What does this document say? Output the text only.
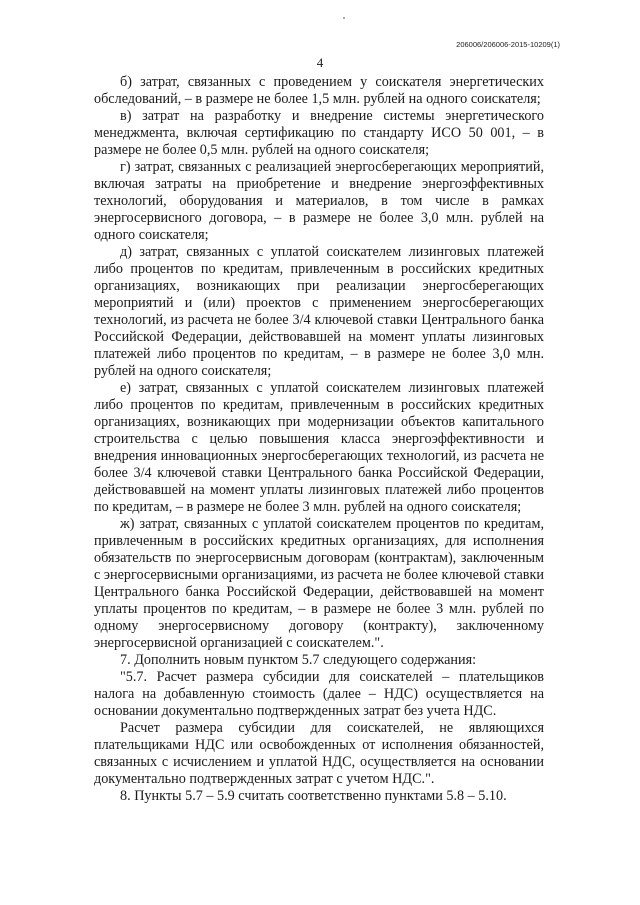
206006/206006-2015-10209(1)
4

б) затрат, связанных с проведением у соискателя энергетических обследований, – в размере не более 1,5 млн. рублей на одного соискателя;

в) затрат на разработку и внедрение системы энергетического менеджмента, включая сертификацию по стандарту ИСО 50 001, – в размере не более 0,5 млн. рублей на одного соискателя;

г) затрат, связанных с реализацией энергосберегающих мероприятий, включая затраты на приобретение и внедрение энергоэффективных технологий, оборудования и материалов, в том числе в рамках энергосервисного договора, – в размере не более 3,0 млн. рублей на одного соискателя;

д) затрат, связанных с уплатой соискателем лизинговых платежей либо процентов по кредитам, привлеченным в российских кредитных организациях, возникающих при реализации энергосберегающих мероприятий и (или) проектов с применением энергосберегающих технологий, из расчета не более 3/4 ключевой ставки Центрального банка Российской Федерации, действовавшей на момент уплаты лизинговых платежей либо процентов по кредитам, – в размере не более 3,0 млн. рублей на одного соискателя;

е) затрат, связанных с уплатой соискателем лизинговых платежей либо процентов по кредитам, привлеченным в российских кредитных организациях, возникающих при модернизации объектов капитального строительства с целью повышения класса энергоэффективности и внедрения инновационных энергосберегающих технологий, из расчета не более 3/4 ключевой ставки Центрального банка Российской Федерации, действовавшей на момент уплаты лизинговых платежей либо процентов по кредитам, – в размере не более 3 млн. рублей на одного соискателя;

ж) затрат, связанных с уплатой соискателем процентов по кредитам, привлеченным в российских кредитных организациях, для исполнения обязательств по энергосервисным договорам (контрактам), заключенным с энергосервисными организациями, из расчета не более ключевой ставки Центрального банка Российской Федерации, действовавшей на момент уплаты процентов по кредитам, – в размере не более 3 млн. рублей по одному энергосервисному договору (контракту), заключенному энергосервисной организацией с соискателем.".

7. Дополнить новым пунктом 5.7 следующего содержания:

"5.7. Расчет размера субсидии для соискателей – плательщиков налога на добавленную стоимость (далее – НДС) осуществляется на основании документально подтвержденных затрат без учета НДС.

Расчет размера субсидии для соискателей, не являющихся плательщиками НДС или освобожденных от исполнения обязанностей, связанных с исчислением и уплатой НДС, осуществляется на основании документально подтвержденных затрат с учетом НДС.".

8. Пункты 5.7 – 5.9 считать соответственно пунктами 5.8 – 5.10.
